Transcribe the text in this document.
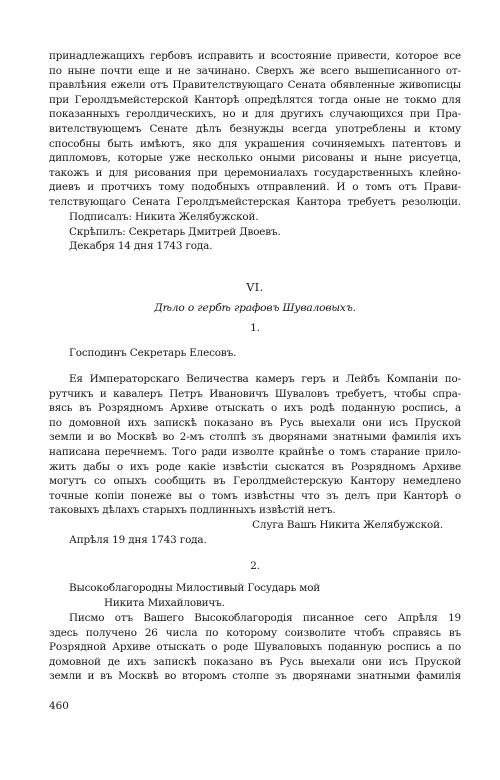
принадлежащихъ гербовъ исправить и всостояние привести, которое все
по ныне почти еще и не зачинано. Сверхъ же всего вышеписанного от-
правлѣния ежели отъ Правителствующаго Сената обявленные живописцы
при Геролдъмейстерской Канторѣ опредѣлятся тогда оные не токмо для
показанныхъ геролдическихъ, но и для другихъ случающихся при Пра-
вителствующемъ Сенате дѣлъ безнужды всегда употреблены и ктому
способны быть имѣютъ, яко для украшения сочиняемыхъ патентовъ и
дипломовъ, которые уже несколько оными рисованы и ныне рисуетца,
такожъ и для рисования при церемониалахъ государственныхъ клейно-
диевъ и протчихъ тому подобныхъ отправлений. И о томъ отъ Прави-
телствующаго Сената Геролдъмейстерская Кантора требуетъ резолюціи.
Подписалъ: Никита Желябужской.
Скрѣпилъ: Секретарь Дмитрей Двоевъ.
Декабря 14 дня 1743 года.
VI.
Дѣло о гербѣ графовъ Шуваловыхъ.
1.
Господинъ Секретарь Елесовъ.
Ея Императорскаго Величества камеръ геръ и Лейбъ Компаніи по-
рутчикъ и кавалеръ Петръ Ивановичъ Шуваловъ требуетъ, чтобы спра-
вясь въ Розрядномъ Архиве отыскать о ихъ родѣ поданную роспись, а
по домовной ихъ запискѣ показано въ Русь выехали они исъ Пруской
земли и во Москвѣ во 2-мъ столпѣ зъ дворянами знатными фамилія ихъ
написана перечнемъ. Того ради изволте крайнѣе о томъ старание прило-
жить дабы о ихъ роде какіе извѣстіи сыскатся въ Розрядномъ Архиве
могутъ со опыхъ сообщить въ Геролдмейстерскую Кантору немедлено
точные копіи понеже вы о томъ извѣстны что зъ делъ при Канторѣ о
таковыхъ дѣлахъ старыхъ подлинныхъ извѣстій нетъ.
Слуга Вашъ Никита Желябужской.
Апрѣля 19 дня 1743 года.
2.
Высокоблагородны Милостивый Государь мой
Никита Михайловичъ.
Писмо отъ Вашего Высокоблагородія писанное сего Апрѣля 19
здесь получено 26 числа по которому соизволите чтобъ справясь въ
Розрядной Архиве отыскать о роде Шуваловыхъ поданную роспись а по
домовной де ихъ запискѣ показано въ Русь выехали они исъ Пруской
земли и въ Москвѣ во второмъ столпе зъ дворянами знатными фамилія
460
